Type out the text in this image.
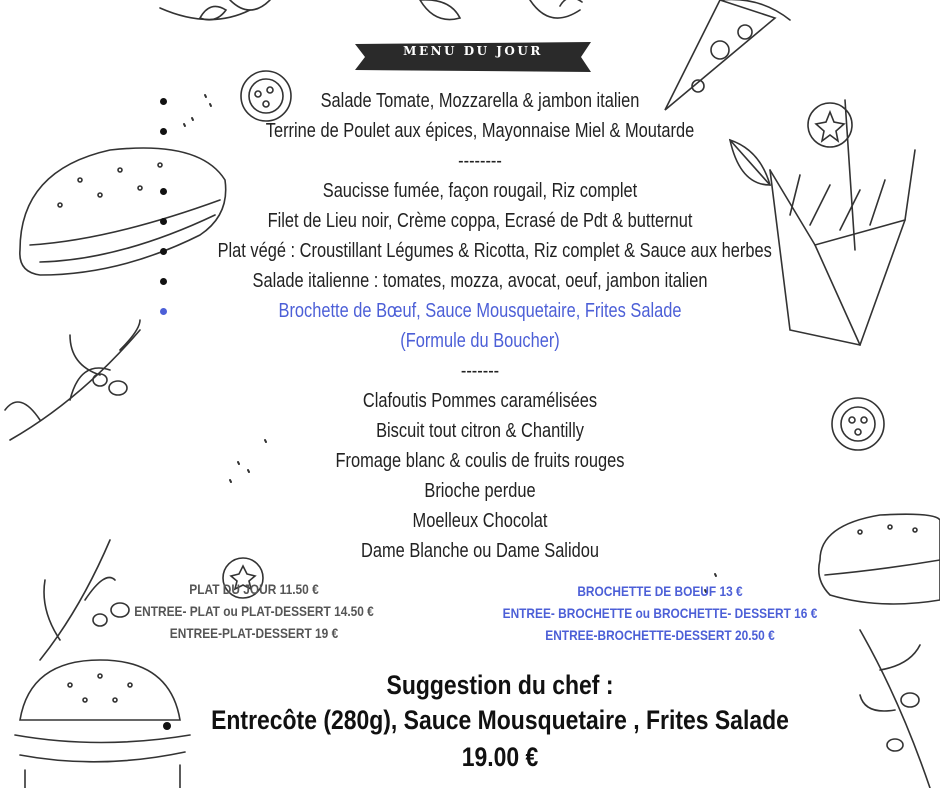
MENU DU JOUR
Salade Tomate, Mozzarella & jambon italien
Terrine de Poulet aux épices, Mayonnaise Miel & Moutarde
--------
Saucisse fumée, façon rougail, Riz complet
Filet de Lieu noir, Crème coppa, Ecrasé de Pdt & butternut
Plat végé : Croustillant Légumes & Ricotta, Riz complet & Sauce aux herbes
Salade italienne : tomates, mozza, avocat, oeuf, jambon italien
Brochette de Bœuf, Sauce Mousquetaire, Frites Salade
(Formule du Boucher)
-------
Clafoutis Pommes caramélisées
Biscuit tout citron & Chantilly
Fromage blanc & coulis de fruits rouges
Brioche perdue
Moelleux Chocolat
Dame Blanche ou Dame Salidou
PLAT DU JOUR 11.50 €
ENTREE- PLAT ou PLAT-DESSERT 14.50 €
ENTREE-PLAT-DESSERT 19 €
BROCHETTE DE BOEUF 13 €
ENTREE- BROCHETTE ou BROCHETTE- DESSERT 16 €
ENTREE-BROCHETTE-DESSERT 20.50 €
Suggestion du chef :
Entrecôte (280g), Sauce Mousquetaire , Frites Salade
19.00 €
